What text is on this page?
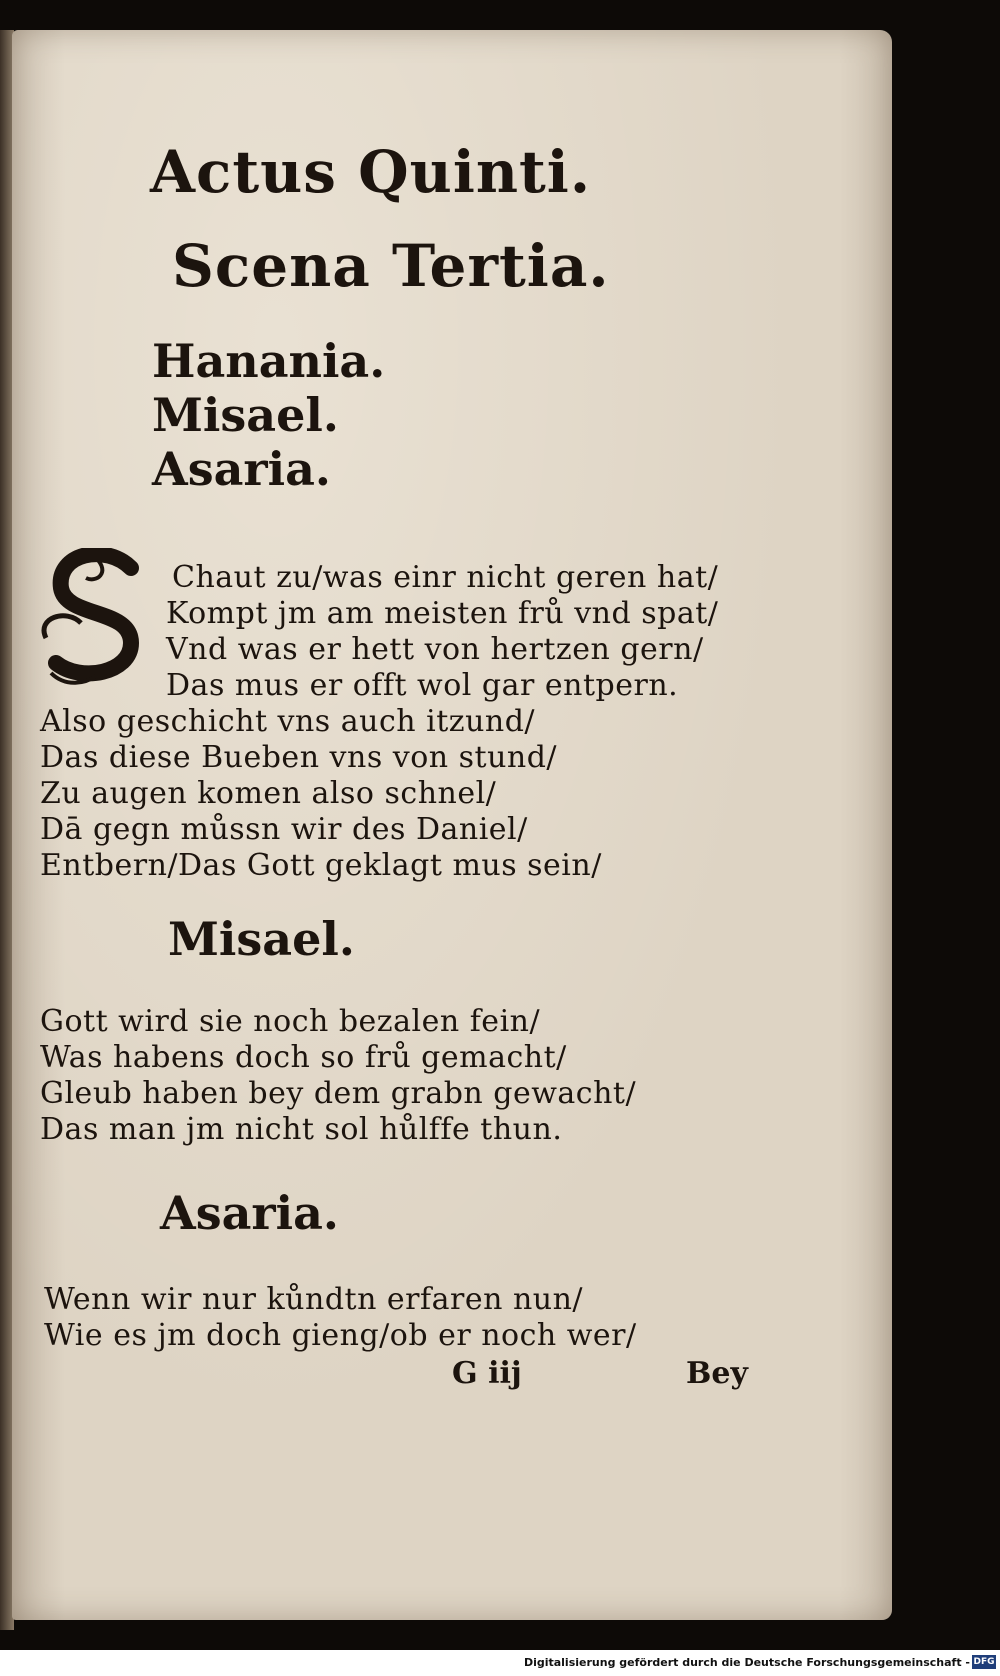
Actus Quinti.
Scena Tertia.
Hanania.
Misael.
Asaria.
Chaut zu/was einr nicht geren hat/
Kompt jm am meisten frů vnd spat/
Vnd was er hett von hertzen gern/
Das mus er offt wol gar entpern.
Also geschicht vns auch itzund/
Das diese Bueben vns von stund/
Zu augen komen also schnel/
Dā gegn můssn wir des Daniel/
Entbern/Das Gott geklagt mus sein/
Misael.
Gott wird sie noch bezalen fein/
Was habens doch so frů gemacht/
Gleub haben bey dem grabn gewacht/
Das man jm nicht sol hůlffe thun.
Asaria.
Wenn wir nur kůndtn erfaren nun/
Wie es jm doch gieng/ob er noch wer/
G iij	Bey
Digitalisierung gefördert durch die Deutsche Forschungsgemeinschaft - DFG
